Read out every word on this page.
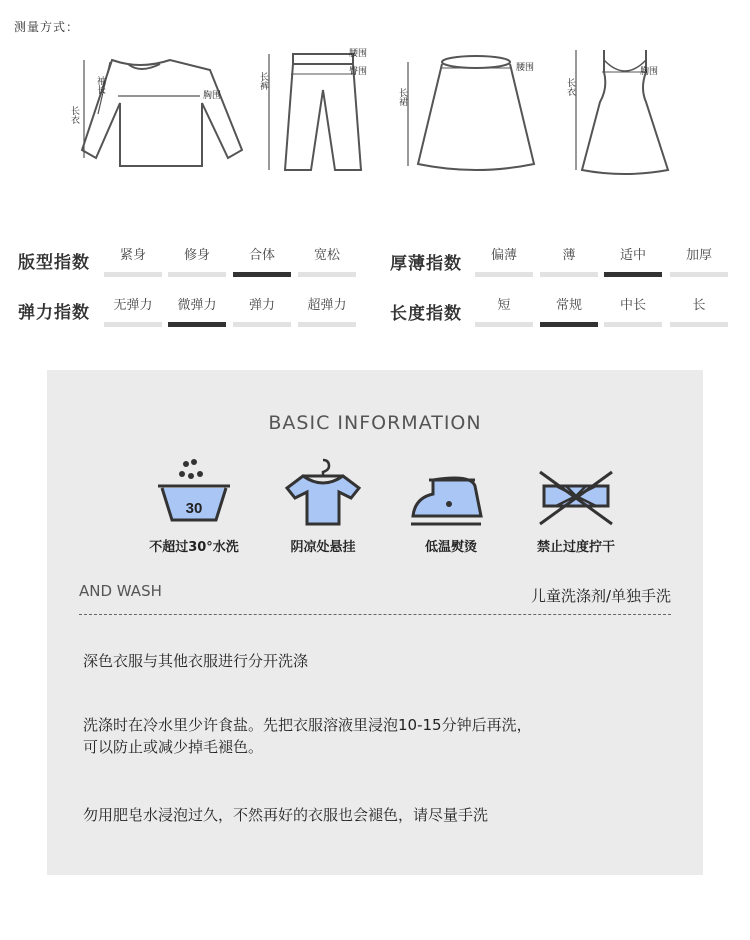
测量方式：
长衣
袖长
胸围
长裤
腰围
臀围
长裙
腰围
长衣
胸围
版型指数	紧身	修身	合体	宽松	厚薄指数	偏薄	薄	适中	加厚
弹力指数	无弹力	微弹力	弹力	超弹力	长度指数	短	常规	中长	长
BASIC INFORMATION
30
不超过30°水洗	阴凉处悬挂	低温熨烫	禁止过度拧干
AND WASH	儿童洗涤剂/单独手洗
深色衣服与其他衣服进行分开洗涤
洗涤时在冷水里少许食盐。先把衣服溶液里浸泡10-15分钟后再洗，
可以防止或减少掉毛褪色。
勿用肥皂水浸泡过久，不然再好的衣服也会褪色，请尽量手洗
